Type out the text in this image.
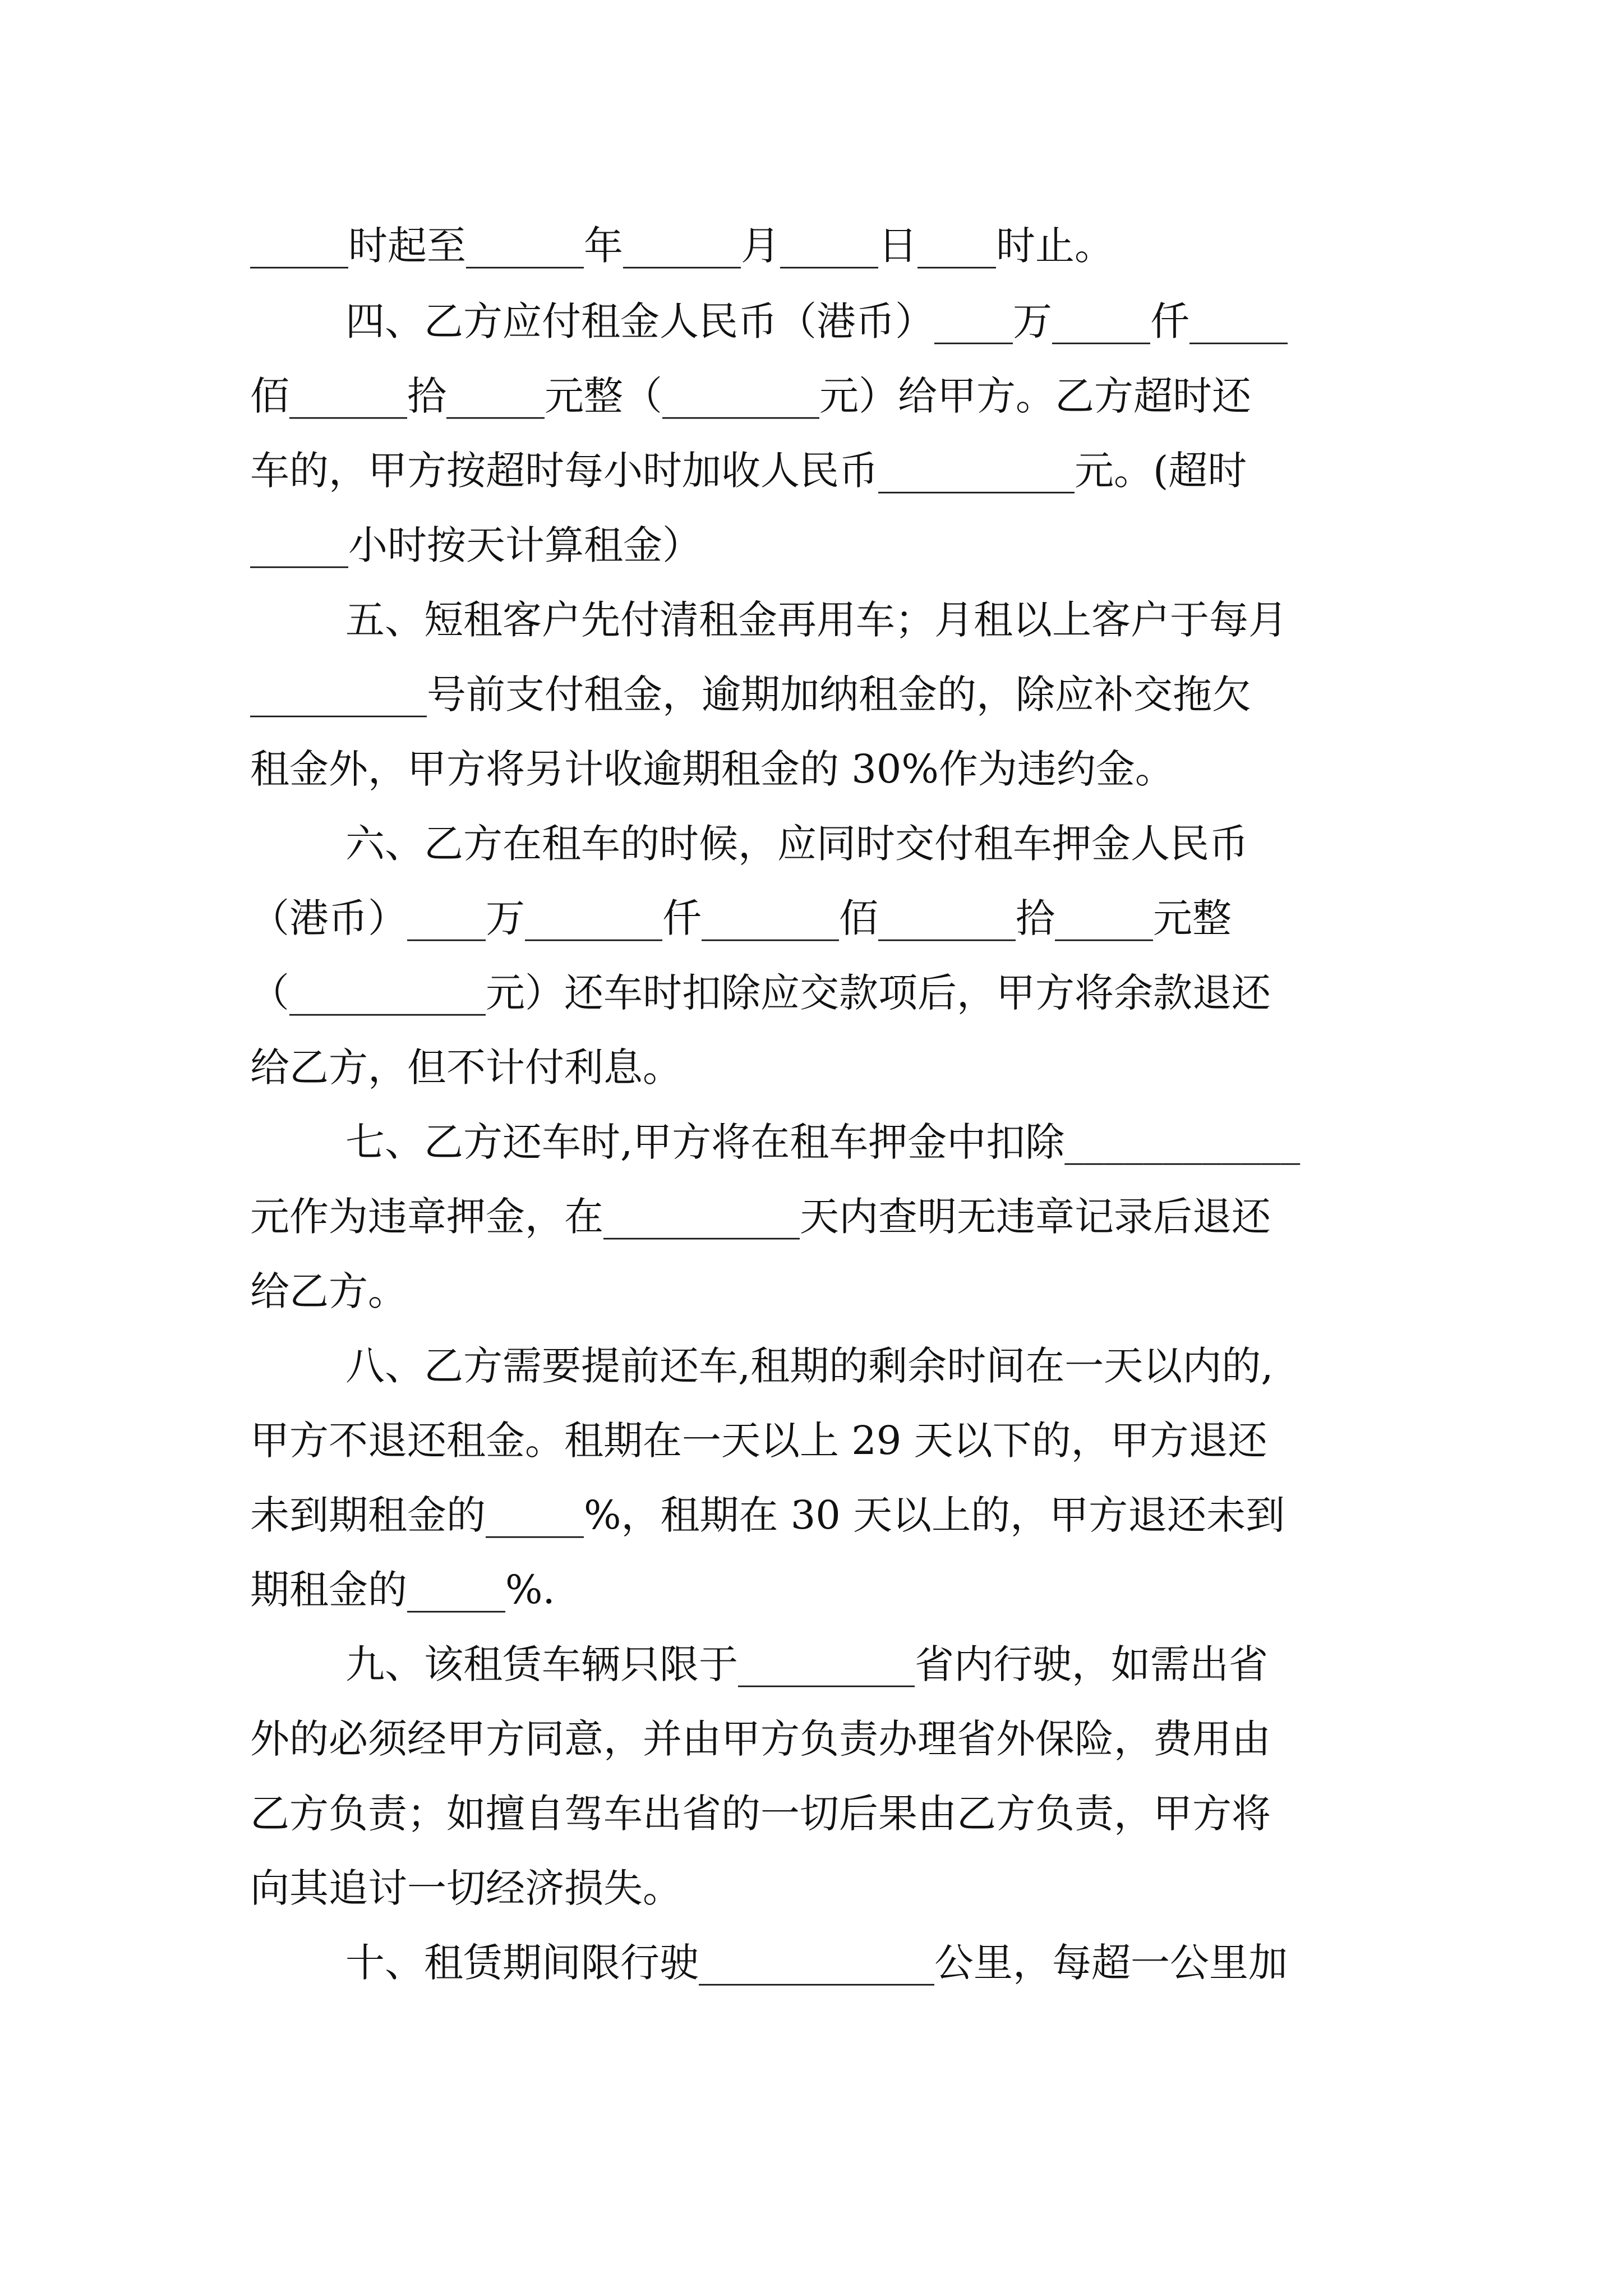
_____时起至______年______月_____日____时止。
四、乙方应付租金人民币（港币）____万_____仟_____
佰______拾_____元整（________元）给甲方。乙方超时还
车的，甲方按超时每小时加收人民币__________元。(超时
_____小时按天计算租金）
五、短租客户先付清租金再用车；月租以上客户于每月
_________号前支付租金，逾期加纳租金的，除应补交拖欠
租金外，甲方将另计收逾期租金的 30%作为违约金。
六、乙方在租车的时候，应同时交付租车押金人民币
（港币）____万_______仟_______佰_______拾_____元整
（__________元）还车时扣除应交款项后，甲方将余款退还
给乙方，但不计付利息。
七、乙方还车时,甲方将在租车押金中扣除____________
元作为违章押金，在__________天内查明无违章记录后退还
给乙方。
八、乙方需要提前还车,租期的剩余时间在一天以内的,
甲方不退还租金。租期在一天以上 29 天以下的，甲方退还
未到期租金的_____%，租期在 30 天以上的，甲方退还未到
期租金的_____%.
九、该租赁车辆只限于_________省内行驶，如需出省
外的必须经甲方同意，并由甲方负责办理省外保险，费用由
乙方负责；如擅自驾车出省的一切后果由乙方负责，甲方将
向其追讨一切经济损失。
十、租赁期间限行驶____________公里，每超一公里加
